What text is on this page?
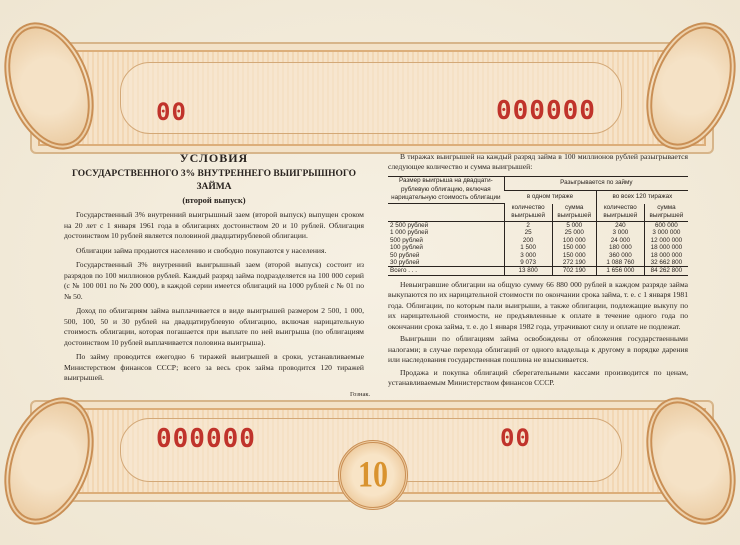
00	000000
000000	00
10
УСЛОВИЯ
ГОСУДАРСТВЕННОГО 3% ВНУТРЕННЕГО ВЫИГРЫШНОГО ЗАЙМА
(второй выпуск)

Государственный 3% внутренний выигрышный заем (второй выпуск) выпущен сроком на 20 лет с 1 января 1961 года в облигациях достоинством 20 и 10 рублей. Облигация достоинством 10 рублей является половиной двадцатирублевой облигации.

Облигации займа продаются населению и свободно покупаются у населения.

Государственный 3% внутренний выигрышный заем (второй выпуск) состоит из разрядов по 100 миллионов рублей. Каждый разряд займа подразделяется на 100 000 серий (с № 100 001 по № 200 000), в каждой серии имеется облигаций на 1000 рублей с № 01 по № 50.

Доход по облигациям займа выплачивается в виде выигрышей размером 2 500, 1 000, 500, 100, 50 и 30 рублей на двадцатирублевую облигацию, включая нарицательную стоимость облигации, которая погашается при выплате по ней выигрыша (по облигациям достоинством 10 рублей выплачивается половина выигрыша).

По займу проводится ежегодно 6 тиражей выигрышей в сроки, устанавливаемые Министерством финансов СССР; всего за весь срок займа проводится 120 тиражей выигрышей.

В тиражах выигрышей на каждый разряд займа в 100 миллионов рублей разыгрывается следующее количество и сумма выигрышей:

Размер выигрыша на двадцати-рублевую облигацию, включая нарицательную стоимость облигации	Разыгрывается по займу			
	в одном тираже		во всех 120 тиражах	
	количество выигрышей	сумма выигрышей	количество выигрышей	сумма выигрышей
2 500 рублей	2	5 000	240	600 000
1 000 рублей	25	25 000	3 000	3 000 000
500 рублей	200	100 000	24 000	12 000 000
100 рублей	1 500	150 000	180 000	18 000 000
50 рублей	3 000	150 000	360 000	18 000 000
30 рублей	9 073	272 190	1 088 760	32 662 800
Всего . . .	13 800	702 190	1 656 000	84 262 800

Невыигравшие облигации на общую сумму 66 880 000 рублей в каждом разряде займа выкупаются по их нарицательной стоимости по окончании срока займа, т. е. с 1 января 1981 года. Облигации, по которым пали выигрыши, а также облигации, подлежащие выкупу по их нарицательной стоимости, не предъявленные к оплате в течение одного года по окончании срока займа, т. е. до 1 января 1982 года, утрачивают силу и оплате не подлежат.

Выигрыши по облигациям займа освобождены от обложения государственными налогами; в случае перехода облигаций от одного владельца к другому в порядке дарения или наследования государственная пошлина не взыскивается.

Продажа и покупка облигаций сберегательными кассами производится по ценам, устанавливаемым Министерством финансов СССР.

Гознак.
